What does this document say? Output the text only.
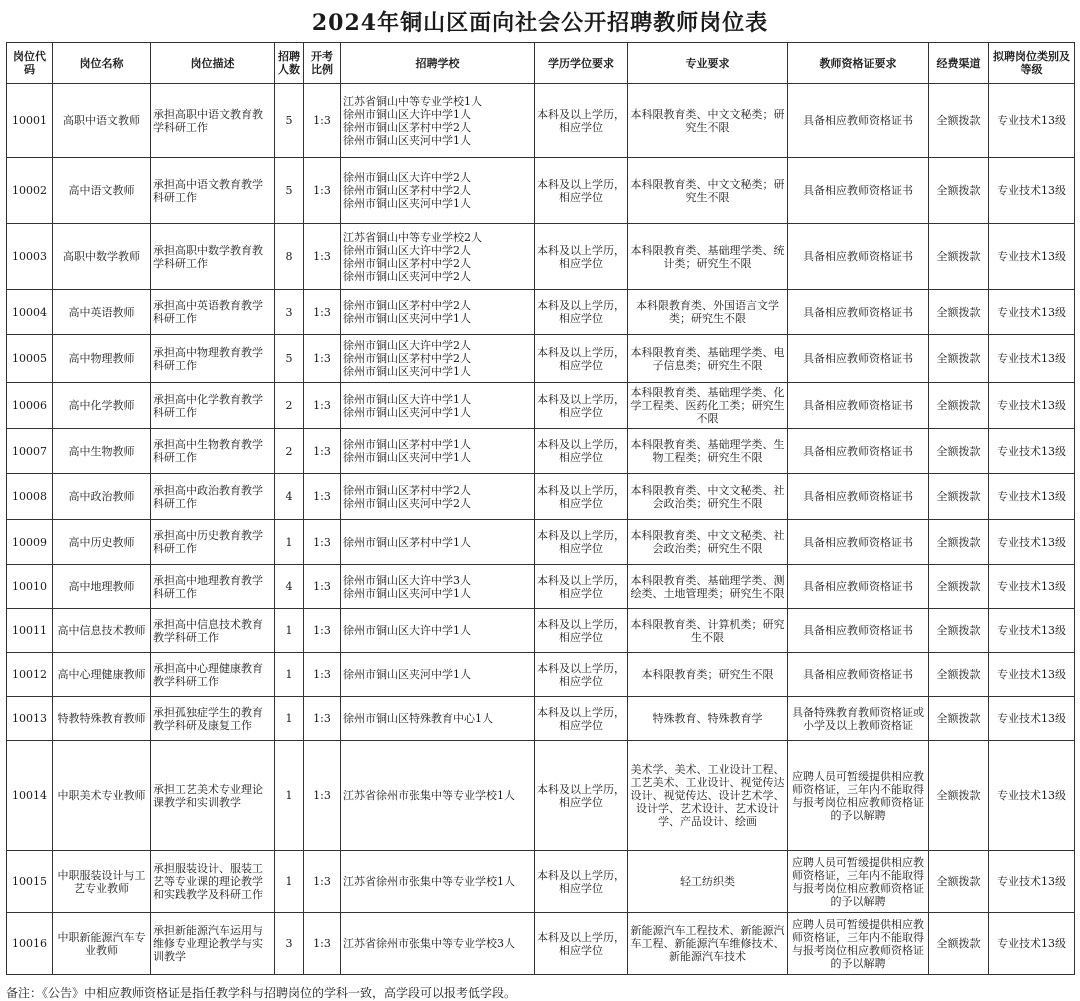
2024年铜山区面向社会公开招聘教师岗位表
岗位代码	岗位名称	岗位描述	招聘人数	开考比例	招聘学校	学历学位要求	专业要求	教师资格证要求	经费渠道	拟聘岗位类别及等级
10001	高职中语文教师	承担高职中语文教育教学科研工作	5	1:3	江苏省铜山中等专业学校1人
徐州市铜山区大许中学1人
徐州市铜山区茅村中学2人
徐州市铜山区夹河中学1人	本科及以上学历，相应学位	本科限教育类、中文文秘类；研究生不限	具备相应教师资格证书	全额拨款	专业技术13级
10002	高中语文教师	承担高中语文教育教学科研工作	5	1:3	徐州市铜山区大许中学2人
徐州市铜山区茅村中学2人
徐州市铜山区夹河中学1人	本科及以上学历，相应学位	本科限教育类、中文文秘类；研究生不限	具备相应教师资格证书	全额拨款	专业技术13级
10003	高职中数学教师	承担高职中数学教育教学科研工作	8	1:3	江苏省铜山中等专业学校2人
徐州市铜山区大许中学2人
徐州市铜山区茅村中学2人
徐州市铜山区夹河中学2人	本科及以上学历，相应学位	本科限教育类、基础理学类、统计类；研究生不限	具备相应教师资格证书	全额拨款	专业技术13级
10004	高中英语教师	承担高中英语教育教学科研工作	3	1:3	徐州市铜山区茅村中学2人
徐州市铜山区夹河中学1人	本科及以上学历，相应学位	本科限教育类、外国语言文学类；研究生不限	具备相应教师资格证书	全额拨款	专业技术13级
10005	高中物理教师	承担高中物理教育教学科研工作	5	1:3	徐州市铜山区大许中学2人
徐州市铜山区茅村中学2人
徐州市铜山区夹河中学1人	本科及以上学历，相应学位	本科限教育类、基础理学类、电子信息类；研究生不限	具备相应教师资格证书	全额拨款	专业技术13级
10006	高中化学教师	承担高中化学教育教学科研工作	2	1:3	徐州市铜山区大许中学1人
徐州市铜山区夹河中学1人	本科及以上学历，相应学位	本科限教育类、基础理学类、化学工程类、医药化工类；研究生不限	具备相应教师资格证书	全额拨款	专业技术13级
10007	高中生物教师	承担高中生物教育教学科研工作	2	1:3	徐州市铜山区茅村中学1人
徐州市铜山区夹河中学1人	本科及以上学历，相应学位	本科限教育类、基础理学类、生物工程类；研究生不限	具备相应教师资格证书	全额拨款	专业技术13级
10008	高中政治教师	承担高中政治教育教学科研工作	4	1:3	徐州市铜山区茅村中学2人
徐州市铜山区夹河中学2人	本科及以上学历，相应学位	本科限教育类、中文文秘类、社会政治类；研究生不限	具备相应教师资格证书	全额拨款	专业技术13级
10009	高中历史教师	承担高中历史教育教学科研工作	1	1:3	徐州市铜山区茅村中学1人	本科及以上学历，相应学位	本科限教育类、中文文秘类、社会政治类；研究生不限	具备相应教师资格证书	全额拨款	专业技术13级
10010	高中地理教师	承担高中地理教育教学科研工作	4	1:3	徐州市铜山区大许中学3人
徐州市铜山区夹河中学1人	本科及以上学历，相应学位	本科限教育类、基础理学类、测绘类、土地管理类；研究生不限	具备相应教师资格证书	全额拨款	专业技术13级
10011	高中信息技术教师	承担高中信息技术教育教学科研工作	1	1:3	徐州市铜山区大许中学1人	本科及以上学历，相应学位	本科限教育类、计算机类；研究生不限	具备相应教师资格证书	全额拨款	专业技术13级
10012	高中心理健康教师	承担高中心理健康教育教学科研工作	1	1:3	徐州市铜山区夹河中学1人	本科及以上学历，相应学位	本科限教育类；研究生不限	具备相应教师资格证书	全额拨款	专业技术13级
10013	特教特殊教育教师	承担孤独症学生的教育教学科研及康复工作	1	1:3	徐州市铜山区特殊教育中心1人	本科及以上学历，相应学位	特殊教育、特殊教育学	具备特殊教育教师资格证或小学及以上教师资格证	全额拨款	专业技术13级
10014	中职美术专业教师	承担工艺美术专业理论课教学和实训教学	1	1:3	江苏省徐州市张集中等专业学校1人	本科及以上学历，相应学位	美术学、美术、工业设计工程、工艺美术、工业设计、视觉传达设计、视觉传达、设计艺术学、设计学、艺术设计、艺术设计学、产品设计、绘画	应聘人员可暂缓提供相应教师资格证，三年内不能取得与报考岗位相应教师资格证的予以解聘	全额拨款	专业技术13级
10015	中职服装设计与工艺专业教师	承担服装设计、服装工艺等专业课的理论教学和实践教学及科研工作	1	1:3	江苏省徐州市张集中等专业学校1人	本科及以上学历，相应学位	轻工纺织类	应聘人员可暂缓提供相应教师资格证，三年内不能取得与报考岗位相应教师资格证的予以解聘	全额拨款	专业技术13级
10016	中职新能源汽车专业教师	承担新能源汽车运用与维修专业理论教学与实训教学	3	1:3	江苏省徐州市张集中等专业学校3人	本科及以上学历，相应学位	新能源汽车工程技术、新能源汽车工程、新能源汽车维修技术、新能源汽车技术	应聘人员可暂缓提供相应教师资格证，三年内不能取得与报考岗位相应教师资格证的予以解聘	全额拨款	专业技术13级
备注：《公告》中相应教师资格证是指任教学科与招聘岗位的学科一致，高学段可以报考低学段。
